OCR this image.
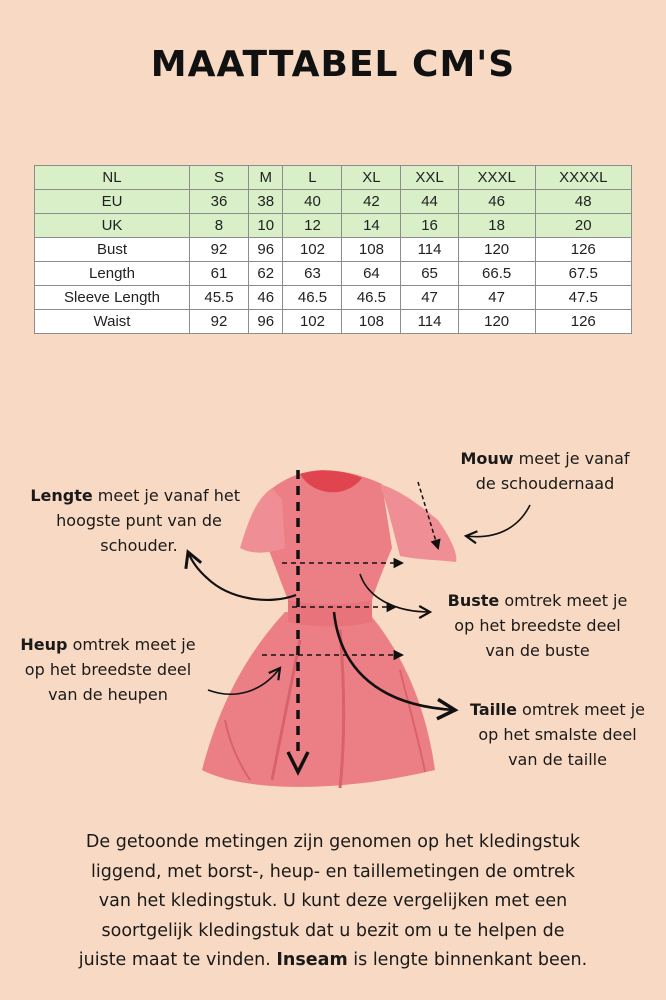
MAATTABEL CM'S
NL	S	M	L	XL	XXL	XXXL	XXXXL
EU	36	38	40	42	44	46	48
UK	8	10	12	14	16	18	20
Bust	92	96	102	108	114	120	126
Length	61	62	63	64	65	66.5	67.5
Sleeve Length	45.5	46	46.5	46.5	47	47	47.5
Waist	92	96	102	108	114	120	126
Lengte meet je vanaf het
hoogste punt van de
schouder.
Mouw meet je vanaf
de schoudernaad
Buste omtrek meet je
op het breedste deel
van de buste
Heup omtrek meet je
op het breedste deel
van de heupen
Taille omtrek meet je
op het smalste deel
van de taille
De getoonde metingen zijn genomen op het kledingstuk
liggend, met borst-, heup- en taillemetingen de omtrek
van het kledingstuk. U kunt deze vergelijken met een
soortgelijk kledingstuk dat u bezit om u te helpen de
juiste maat te vinden. Inseam is lengte binnenkant been.
